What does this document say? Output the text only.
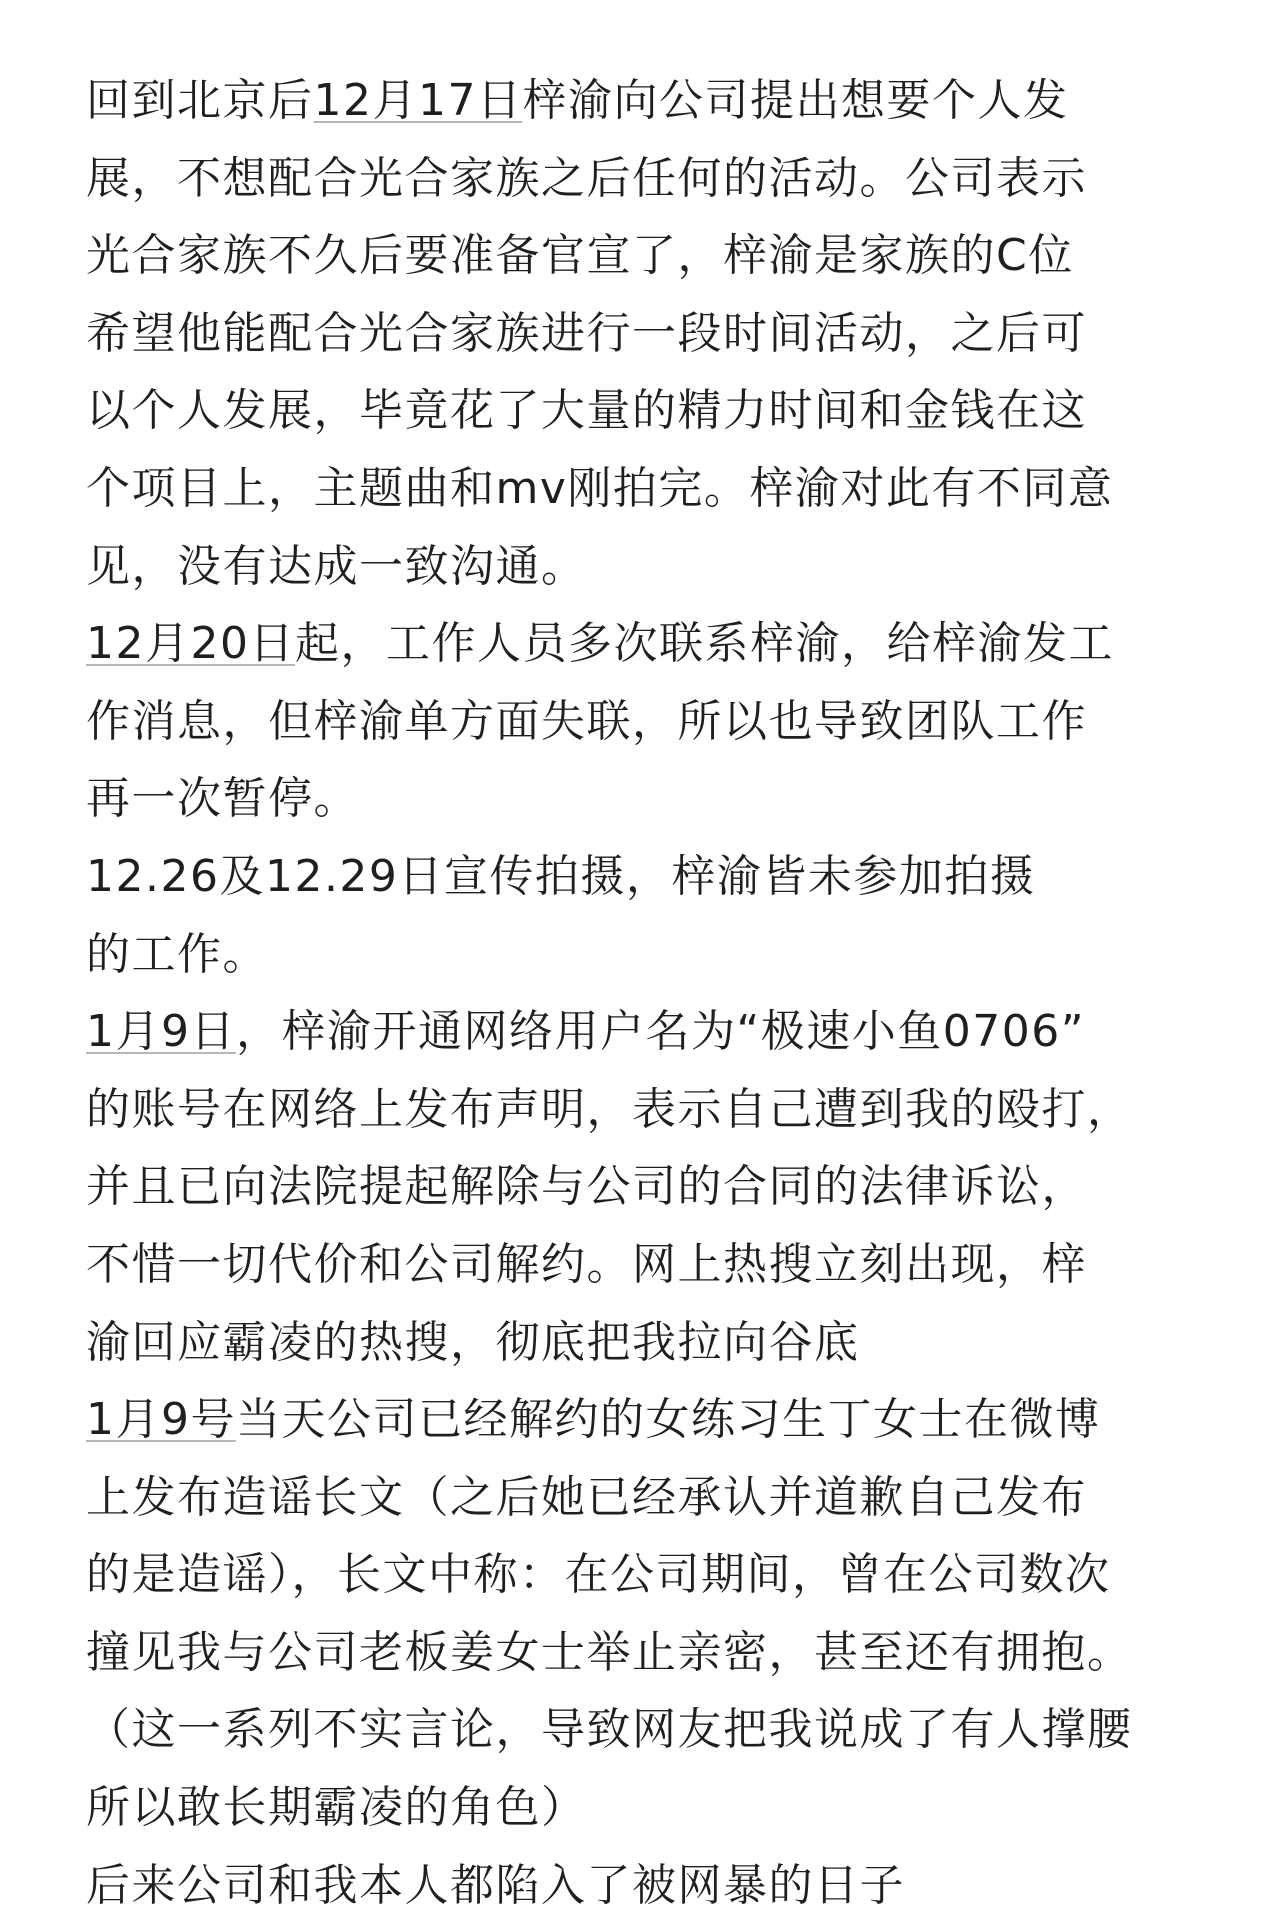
回到北京后12月17日梓渝向公司提出想要个人发
展，不想配合光合家族之后任何的活动。公司表示
光合家族不久后要准备官宣了，梓渝是家族的C位
希望他能配合光合家族进行一段时间活动，之后可
以个人发展，毕竟花了大量的精力时间和金钱在这
个项目上，主题曲和mv刚拍完。梓渝对此有不同意
见，没有达成一致沟通。
12月20日起，工作人员多次联系梓渝，给梓渝发工
作消息，但梓渝单方面失联，所以也导致团队工作
再一次暂停。
12.26及12.29日宣传拍摄，梓渝皆未参加拍摄
的工作。
1月9日，梓渝开通网络用户名为“极速小鱼0706”
的账号在网络上发布声明，表示自己遭到我的殴打，
并且已向法院提起解除与公司的合同的法律诉讼，
不惜一切代价和公司解约。网上热搜立刻出现，梓
渝回应霸凌的热搜，彻底把我拉向谷底
1月9号当天公司已经解约的女练习生丁女士在微博
上发布造谣长文（之后她已经承认并道歉自己发布
的是造谣），长文中称：在公司期间，曾在公司数次
撞见我与公司老板姜女士举止亲密，甚至还有拥抱。
（这一系列不实言论，导致网友把我说成了有人撑腰
所以敢长期霸凌的角色）
后来公司和我本人都陷入了被网暴的日子
